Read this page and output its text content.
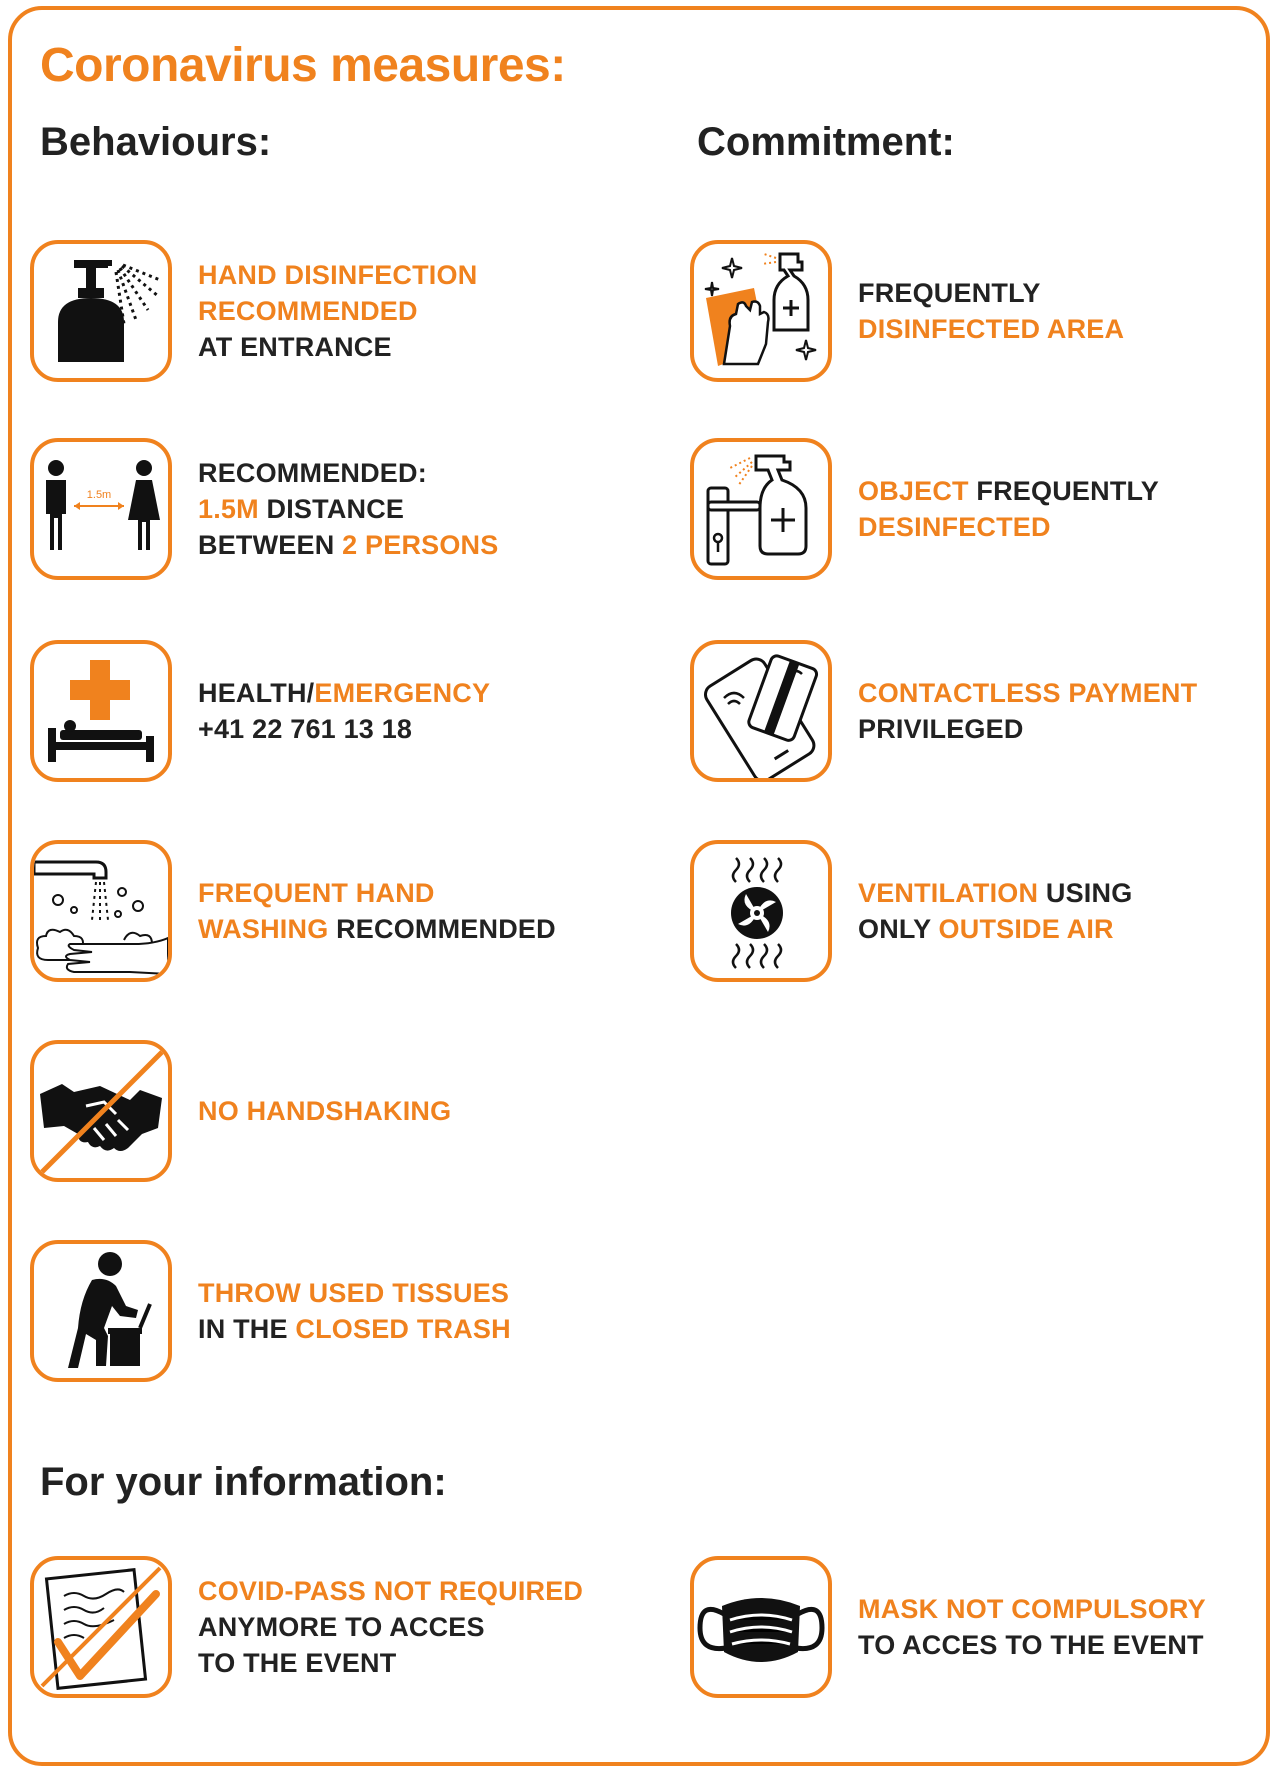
Coronavirus measures:
Behaviours:	Commitment:
For your information:
HAND DISINFECTION
RECOMMENDED
AT ENTRANCE
1.5m
RECOMMENDED:
1.5M DISTANCE
BETWEEN 2 PERSONS
HEALTH/EMERGENCY
+41 22 761 13 18
FREQUENT HAND
WASHING RECOMMENDED
NO HANDSHAKING
THROW USED TISSUES
IN THE CLOSED TRASH
FREQUENTLY
DISINFECTED AREA
OBJECT FREQUENTLY
DESINFECTED
CONTACTLESS PAYMENT
PRIVILEGED
VENTILATION USING
ONLY OUTSIDE AIR
COVID-PASS NOT REQUIRED
ANYMORE TO ACCES
TO THE EVENT
MASK NOT COMPULSORY
TO ACCES TO THE EVENT
